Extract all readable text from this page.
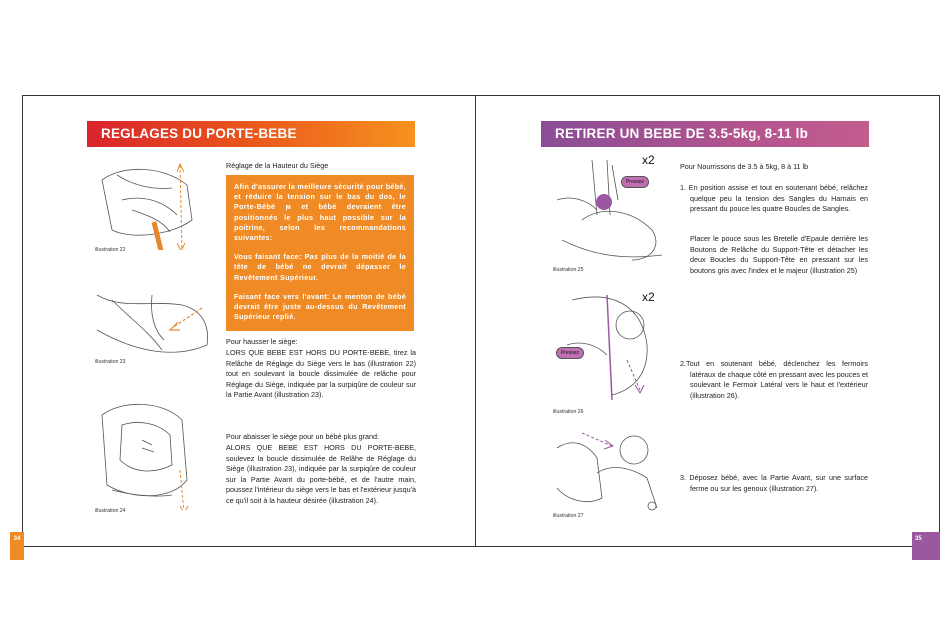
REGLAGES DU PORTE-BEBE
Réglage de la Hauteur du Siège

Afin d'assurer la meilleure sécurité pour bébé, et réduire la tension sur le bas du dos, le Porte-Bébé ϻ et bébé devraient être positionnés le plus haut possible sur la poitrine, selon les recommandations suivantes:

Vous faisant face: Pas plus de la moitié de la tête de bébé ne devrait dépasser le Revêtement Supérieur.

Faisant face vers l'avant: Le menton de bébé devrait être juste au-dessus du Revêtement Supérieur replié.

Pour hausser le siège:
LORS QUE BEBE EST HORS DU PORTE-BEBE, tirez la Relâche de Réglage du Siège vers le bas (illustration 22) tout en soulevant la boucle dissimulée de relâche pour Réglage du Siège, indiquée par la surpiqûre de couleur sur la Partie Avant (illustration 23).
Pour abaisser le siège pour un bébé plus grand:
ALORS QUE BEBE EST HORS DU PORTE-BEBE, soulevez la boucle dissimulée de Relâhe de Réglage du Siège (illustration 23), indiquée par la surpiqûre de couleur sur la Partie Avant du porte-bébé, et de l'autre main, poussez l'intérieur du siège vers le bas et l'extérieur jusqu'à ce qu'il soit à la hauteur désirée (illustration 24).
illustration 22
illustration 23
illustration 24
34
RETIRER UN BEBE DE 3.5-5kg, 8-11 lb
Pour Nourrissons de 3.5 à 5kg, 8 à 11 lb
1. En position assise et tout en soutenant bébé, relâchez quelque peu la tension des Sangles du Harnais en pressant du pouce les quatre Boucles de Sangles.
Placer le pouce sous les Bretelle d'Epaule derrière les Boutons de Relâche du Support-Tête et détacher les deux Boucles du Support-Tête en pressant sur les boutons gris avec l'index et le majeur (illustration 25)
2.Tout en soutenant bébé, déclenchez les fermoirs latéraux de chaque côté en pressant avec les pouces et soulevant le Fermoir Latéral vers le haut et l'extérieur (illustration 26).
3. Déposez bébé, avec la Partie Avant, sur une surface ferme ou sur les genoux (illustration 27).
x2
Pressez
illustration 25
x2
Pressez
illustration 26
illustration 27
35
